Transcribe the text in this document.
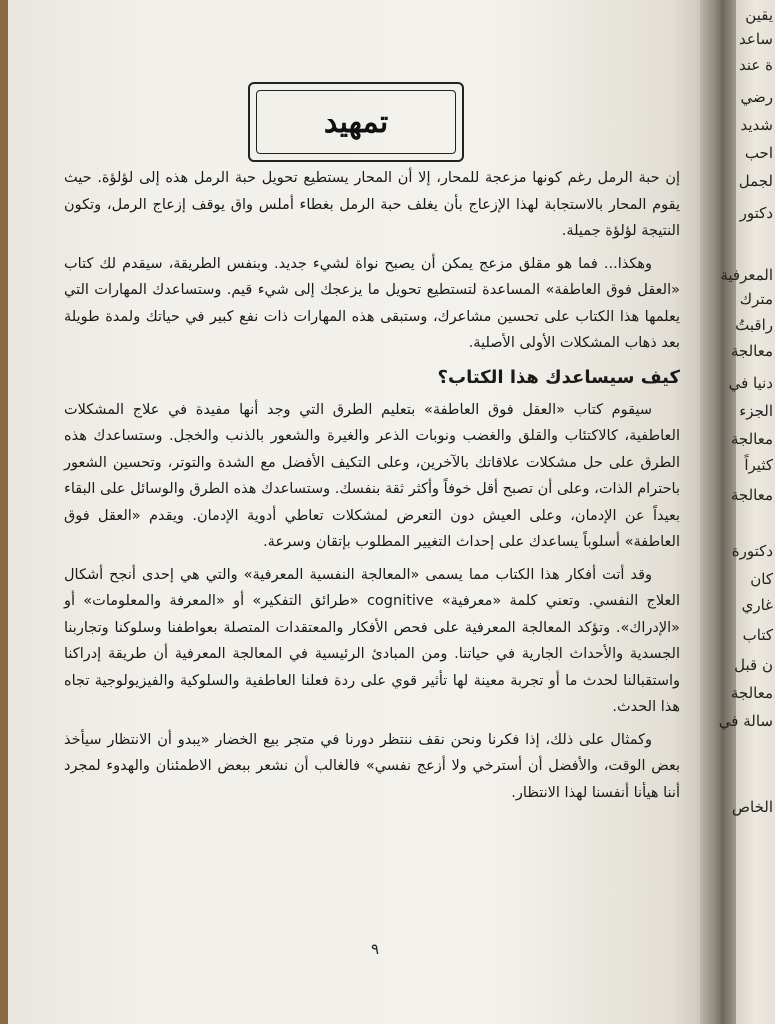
يقين
ساعد
ة عند
رضي
شديد
احب
لجمل
دكتور
المعرفية
مترك
راقبتُ
معالجة
دنيا في
الجزء
معالجة
كثيراً
معالجة
دكتورة
كان
غاري
كتاب
ن قبل
معالجة
سالة في
الخاص
تمهيد

إن حبة الرمل رغم كونها مزعجة للمحار، إلا أن المحار يستطيع تحويل حبة الرمل هذه إلى لؤلؤة. حيث يقوم المحار بالاستجابة لهذا الإزعاج بأن يغلف حبة الرمل بغطاء أملس واق يوقف إزعاج الرمل، وتكون النتيجة لؤلؤة جميلة.

وهكذا... فما هو مقلق مزعج يمكن أن يصبح نواة لشيء جديد. وبنفس الطريقة، سيقدم لك كتاب «العقل فوق العاطفة» المساعدة لتستطيع تحويل ما يزعجك إلى شيء قيم. وستساعدك المهارات التي يعلمها هذا الكتاب على تحسين مشاعرك، وستبقى هذه المهارات ذات نفع كبير في حياتك ولمدة طويلة بعد ذهاب المشكلات الأولى الأصلية.

كيف سيساعدك هذا الكتاب؟

سيقوم كتاب «العقل فوق العاطفة» بتعليم الطرق التي وجد أنها مفيدة في علاج المشكلات العاطفية، كالاكتئاب والقلق والغضب ونوبات الذعر والغيرة والشعور بالذنب والخجل. وستساعدك هذه الطرق على حل مشكلات علاقاتك بالآخرين، وعلى التكيف الأفضل مع الشدة والتوتر، وتحسين الشعور باحترام الذات، وعلى أن تصبح أقل خوفاً وأكثر ثقة بنفسك. وستساعدك هذه الطرق والوسائل على البقاء بعيداً عن الإدمان، وعلى العيش دون التعرض لمشكلات تعاطي أدوية الإدمان. ويقدم «العقل فوق العاطفة» أسلوباً يساعدك على إحداث التغيير المطلوب بإتقان وسرعة.

وقد أتت أفكار هذا الكتاب مما يسمى «المعالجة النفسية المعرفية» والتي هي إحدى أنجح أشكال العلاج النفسي. وتعني كلمة «معرفية» cognitive «طرائق التفكير» أو «المعرفة والمعلومات» أو «الإدراك». وتؤكد المعالجة المعرفية على فحص الأفكار والمعتقدات المتصلة بعواطفنا وسلوكنا وتجاربنا الجسدية والأحداث الجارية في حياتنا. ومن المبادئ الرئيسية في المعالجة المعرفية أن طريقة إدراكنا واستقبالنا لحدث ما أو تجربة معينة لها تأثير قوي على ردة فعلنا العاطفية والسلوكية والفيزيولوجية تجاه هذا الحدث.

وكمثال على ذلك، إذا فكرنا ونحن نقف ننتظر دورنا في متجر بيع الخضار «يبدو أن الانتظار سيأخذ بعض الوقت، والأفضل أن أسترخي ولا أزعج نفسي» فالغالب أن نشعر ببعض الاطمئنان والهدوء لمجرد أننا هيأنا أنفسنا لهذا الانتظار.

٩
